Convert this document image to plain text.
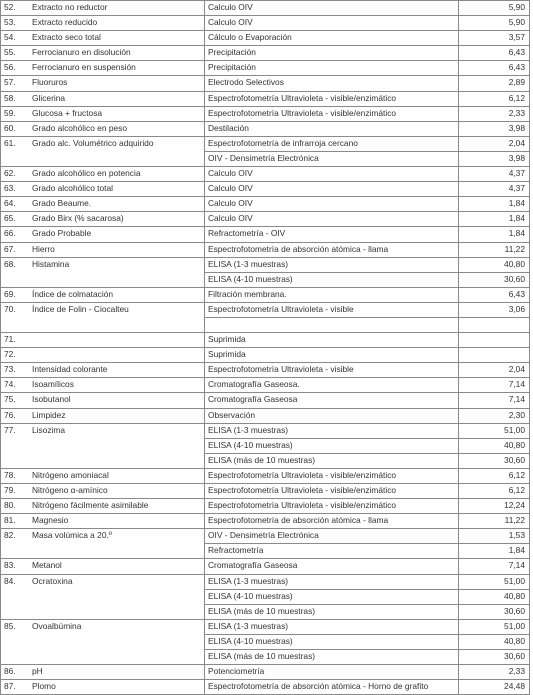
52. Extracto no reductor	Calculo OIV	5,90
53. Extracto reducido	Calculo OIV	5,90
54. Extracto seco total	Cálculo o Evaporación	3,57
55. Ferrocianuro en disolución	Precipitación	6,43
56. Ferrocianuro en suspensión	Precipitación	6,43
57. Fluoruros	Electrodo Selectivos	2,89
58. Glicerina	Espectrofotometría Ultravioleta - visible/enzimático	6,12
59. Glucosa + fructosa	Espectrofotometría Ultravioleta - visible/enzimático	2,33
60. Grado alcohólico en peso	Destilación	3,98
61. Grado alc. Volumétrico adquirido	Espectrofotometría de infrarroja cercano	2,04
	OIV - Densimetría Electrónica	3,98
62. Grado alcohólico en potencia	Calculo OIV	4,37
63. Grado alcohólico total	Calculo OIV	4,37
64. Grado Beaume.	Calculo OIV	1,84
65. Grado Birx (% sacarosa)	Calculo OIV	1,84
66. Grado Probable	Refractometría - OIV	1,84
67. Hierro	Espectrofotometría de absorción atómica - llama	11,22
68. Histamina	ELISA (1-3 muestras)	40,80
	ELISA (4-10 muestras)	30,60
69. Índice de colmatación	Filtración membrana.	6,43
70. Índice de Folin - Ciocalteu	Espectrofotometría Ultravioleta - visible	3,06

71.	Suprimida	
72.	Suprimida	
73. Intensidad colorante	Espectrofotometría Ultravioleta - visible	2,04
74. Isoamílicos	Cromatografía Gaseosa.	7,14
75. Isobutanol	Cromatografía Gaseosa	7,14
76. Limpidez	Observación	2,30
77. Lisozima	ELISA (1-3 muestras)	51,00
	ELISA (4-10 muestras)	40,80
	ELISA (más de 10 muestras)	30,60
78. Nitrógeno amoniacal	Espectrofotometría Ultravioleta - visible/enzimático	6,12
79. Nitrógeno α-amínico	Espectrofotometría Ultravioleta - visible/enzimático	6,12
80. Nitrógeno fácilmente asimilable	Espectrofotometría Ultravioleta - visible/enzimático	12,24
81. Magnesio	Espectrofotometría de absorción atómica - llama	11,22
82. Masa volúmica a 20.º	OIV - Densimetría Electrónica	1,53
	Refractometría	1,84
83. Metanol	Cromatografía Gaseosa	7,14
84. Ocratoxina	ELISA (1-3 muestras)	51,00
	ELISA (4-10 muestras)	40,80
	ELISA (más de 10 muestras)	30,60
85. Ovoalbúmina	ELISA (1-3 muestras)	51,00
	ELISA (4-10 muestras)	40,80
	ELISA (más de 10 muestras)	30,60
86. pH	Potenciometría	2,33
87. Plomo	Espectrofotometría de absorción atómica - Horno de grafito	24,48
